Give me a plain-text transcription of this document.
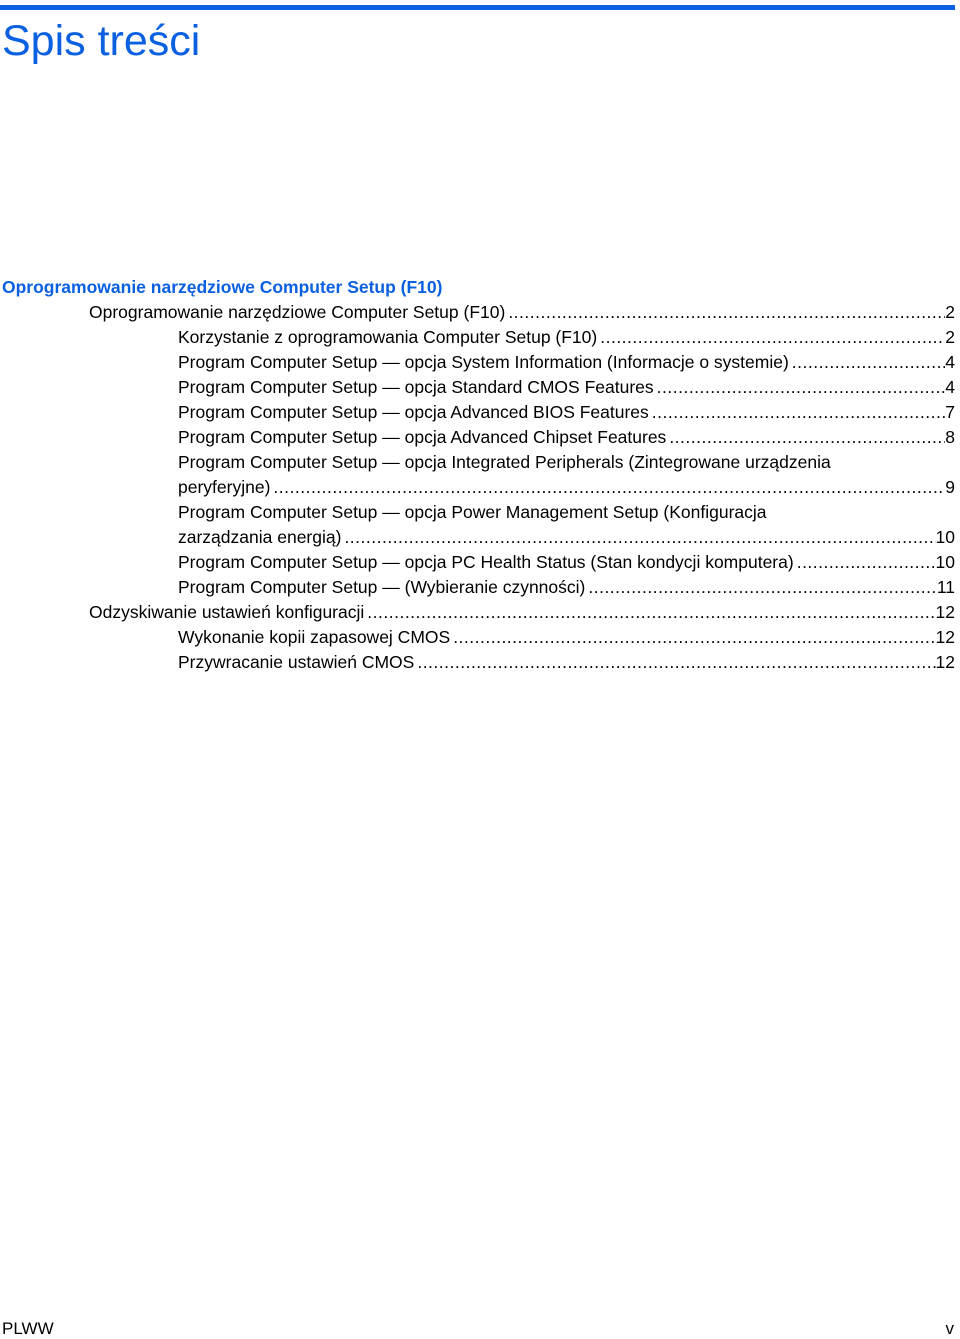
Spis treści
Oprogramowanie narzędziowe Computer Setup (F10)
Oprogramowanie narzędziowe Computer Setup (F10) .....	2
Korzystanie z oprogramowania Computer Setup (F10) .....	2
Program Computer Setup — opcja System Information (Informacje o systemie) .....	4
Program Computer Setup — opcja Standard CMOS Features .....	4
Program Computer Setup — opcja Advanced BIOS Features .....	7
Program Computer Setup — opcja Advanced Chipset Features .....	8
Program Computer Setup — opcja Integrated Peripherals (Zintegrowane urządzenia
peryferyjne) .....	9
Program Computer Setup — opcja Power Management Setup (Konfiguracja
zarządzania energią) .....	10
Program Computer Setup — opcja PC Health Status (Stan kondycji komputera) .....	10
Program Computer Setup — (Wybieranie czynności) .....	11
Odzyskiwanie ustawień konfiguracji .....	12
Wykonanie kopii zapasowej CMOS .....	12
Przywracanie ustawień CMOS .....	12
PLWW	v
